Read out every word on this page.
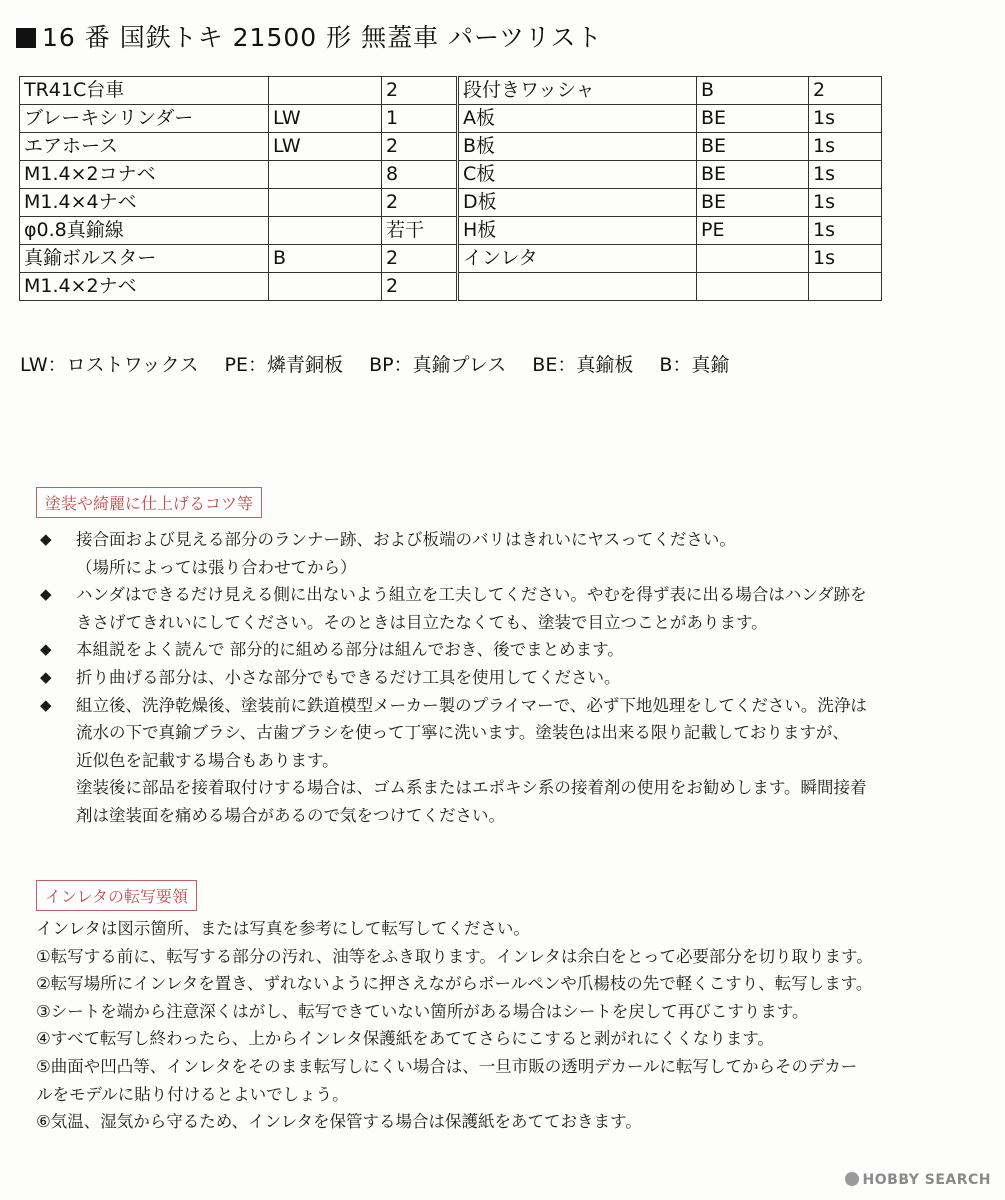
16 番 国鉄トキ 21500 形 無蓋車 パーツリスト
TR41C台車		2	段付きワッシャ	B	2
ブレーキシリンダー	LW	1	A板	BE	1s
エアホース	LW	2	B板	BE	1s
M1.4×2コナベ		8	C板	BE	1s
M1.4×4ナベ		2	D板	BE	1s
φ0.8真鍮線		若干	H板	PE	1s
真鍮ボルスター	B	2	インレタ		1s
M1.4×2ナベ		2			
LW：ロストワックス PE：燐青銅板 BP：真鍮プレス BE：真鍮板 B：真鍮
塗装や綺麗に仕上げるコツ等
◆ 接合面および見える部分のランナー跡、および板端のバリはきれいにヤスってください。
（場所によっては張り合わせてから）
◆ ハンダはできるだけ見える側に出ないよう組立を工夫してください。やむを得ず表に出る場合はハンダ跡を
きさげてきれいにしてください。そのときは目立たなくても、塗装で目立つことがあります。
◆ 本組説をよく読んで 部分的に組める部分は組んでおき、後でまとめます。
◆ 折り曲げる部分は、小さな部分でもできるだけ工具を使用してください。
◆ 組立後、洗浄乾燥後、塗装前に鉄道模型メーカー製のプライマーで、必ず下地処理をしてください。洗浄は
流水の下で真鍮ブラシ、古歯ブラシを使って丁寧に洗います。塗装色は出来る限り記載しておりますが、
近似色を記載する場合もあります。
塗装後に部品を接着取付けする場合は、ゴム系またはエポキシ系の接着剤の使用をお勧めします。瞬間接着
剤は塗装面を痛める場合があるので気をつけてください。
インレタの転写要領
インレタは図示箇所、または写真を参考にして転写してください。
①転写する前に、転写する部分の汚れ、油等をふき取ります。インレタは余白をとって必要部分を切り取ります。
②転写場所にインレタを置き、ずれないように押さえながらボールペンや爪楊枝の先で軽くこすり、転写します。
③シートを端から注意深くはがし、転写できていない箇所がある場合はシートを戻して再びこすります。
④すべて転写し終わったら、上からインレタ保護紙をあててさらにこすると剥がれにくくなります。
⑤曲面や凹凸等、インレタをそのまま転写しにくい場合は、一旦市販の透明デカールに転写してからそのデカー
ルをモデルに貼り付けるとよいでしょう。
⑥気温、湿気から守るため、インレタを保管する場合は保護紙をあてておきます。
HOBBY SEARCH
